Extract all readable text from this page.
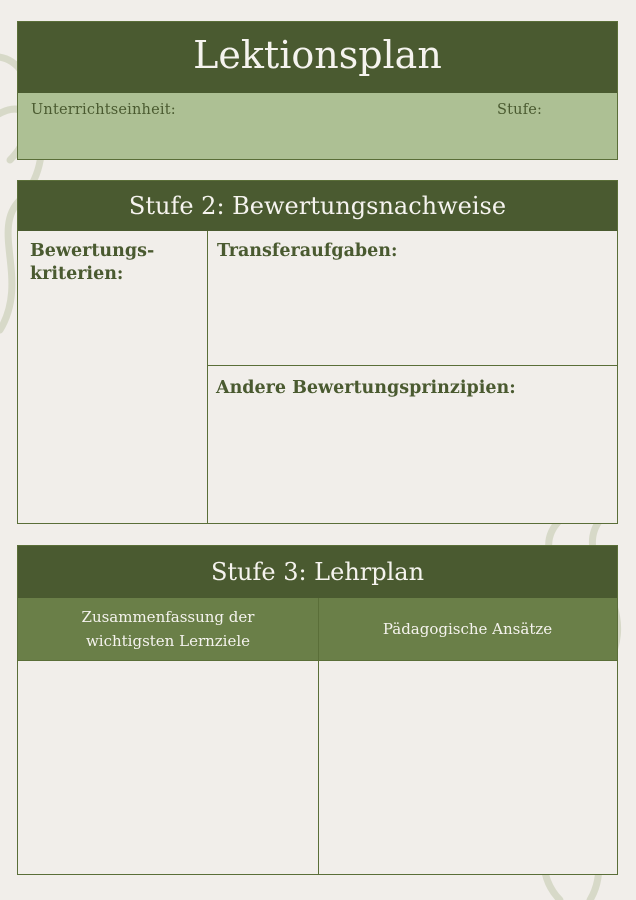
Lektionsplan
Unterrichtseinheit:	Stufe:
Stufe 2: Bewertungsnachweise
Bewertungs-
kriterien:
Transferaufgaben:
Andere Bewertungsprinzipien:
Stufe 3: Lehrplan
Zusammenfassung der wichtigsten Lernziele
Pädagogische Ansätze
